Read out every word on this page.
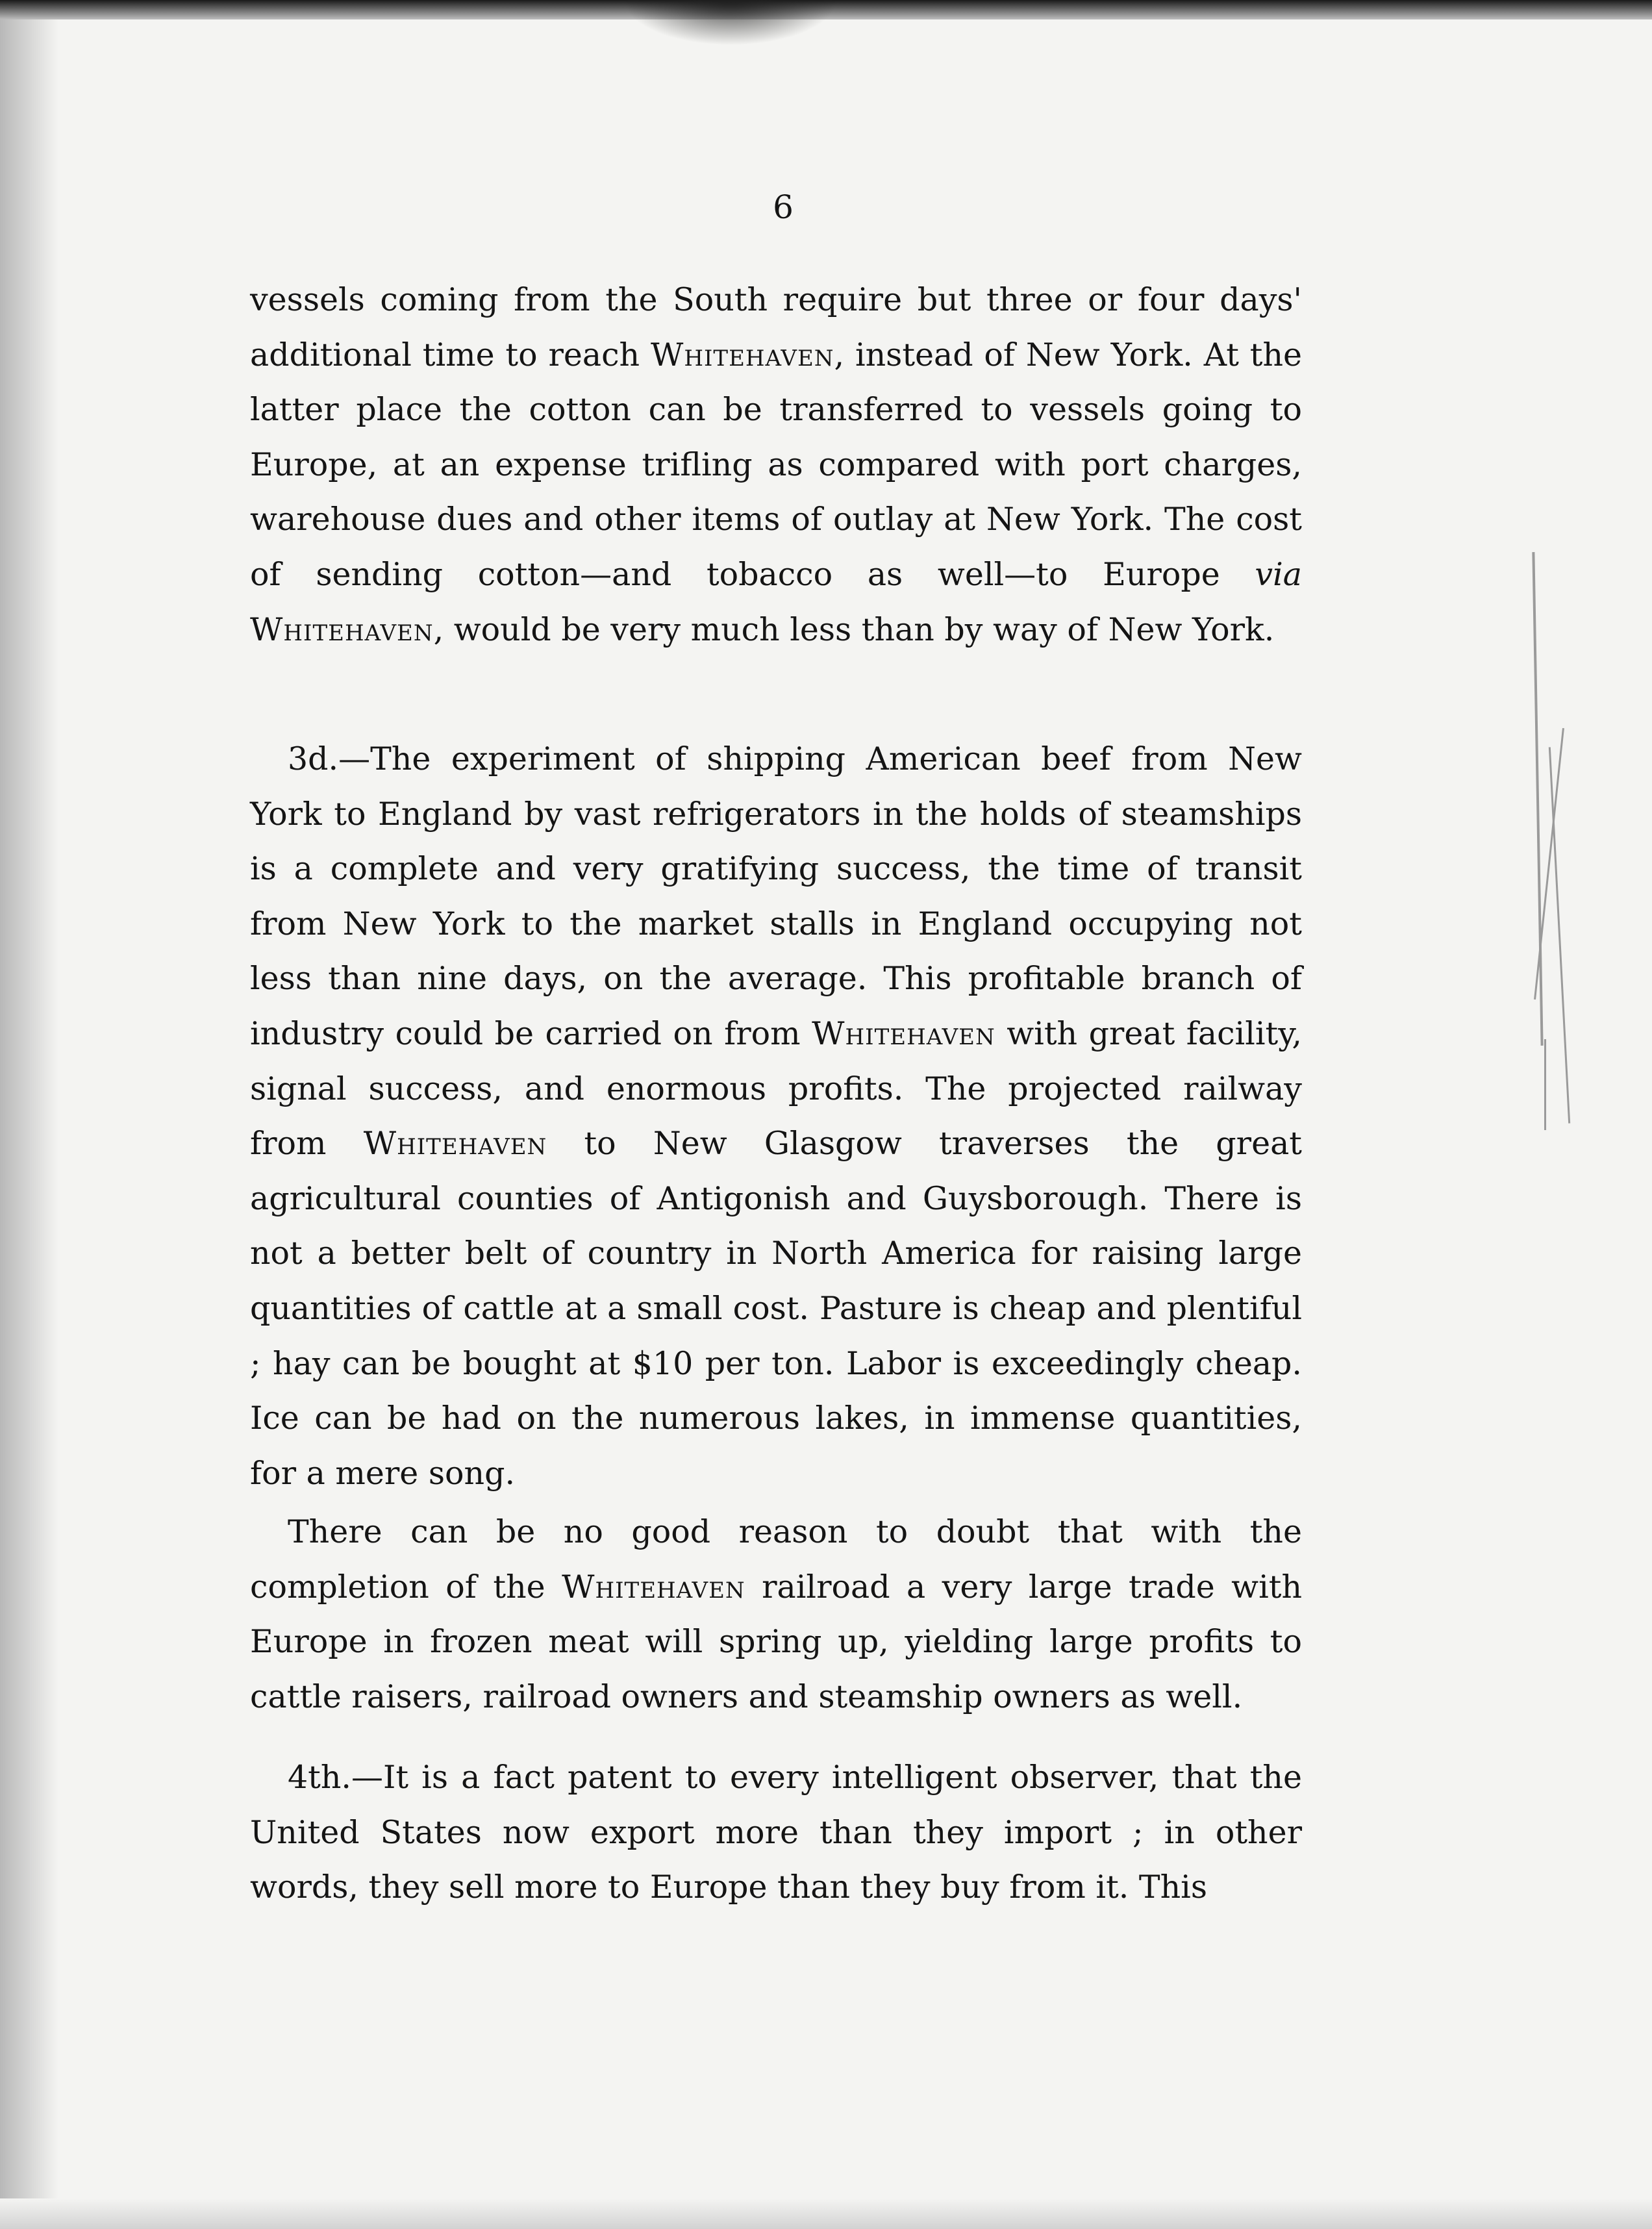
6

vessels coming from the South require but three or four days' additional time to reach Whitehaven, instead of New York. At the latter place the cotton can be transferred to vessels going to Europe, at an expense trifling as compared with port charges, warehouse dues and other items of outlay at New York. The cost of sending cotton—and tobacco as well—to Europe via Whitehaven, would be very much less than by way of New York.

3d.—The experiment of shipping American beef from New York to England by vast refrigerators in the holds of steamships is a complete and very gratifying success, the time of transit from New York to the market stalls in England occupying not less than nine days, on the average. This profitable branch of industry could be carried on from Whitehaven with great facility, signal success, and enormous profits. The projected railway from Whitehaven to New Glasgow traverses the great agricultural counties of Antigonish and Guysborough. There is not a better belt of country in North America for raising large quantities of cattle at a small cost. Pasture is cheap and plentiful ; hay can be bought at $10 per ton. Labor is exceedingly cheap. Ice can be had on the numerous lakes, in immense quantities, for a mere song.

There can be no good reason to doubt that with the completion of the Whitehaven railroad a very large trade with Europe in frozen meat will spring up, yielding large profits to cattle raisers, railroad owners and steamship owners as well.

4th.—It is a fact patent to every intelligent observer, that the United States now export more than they import ; in other words, they sell more to Europe than they buy from it. This
